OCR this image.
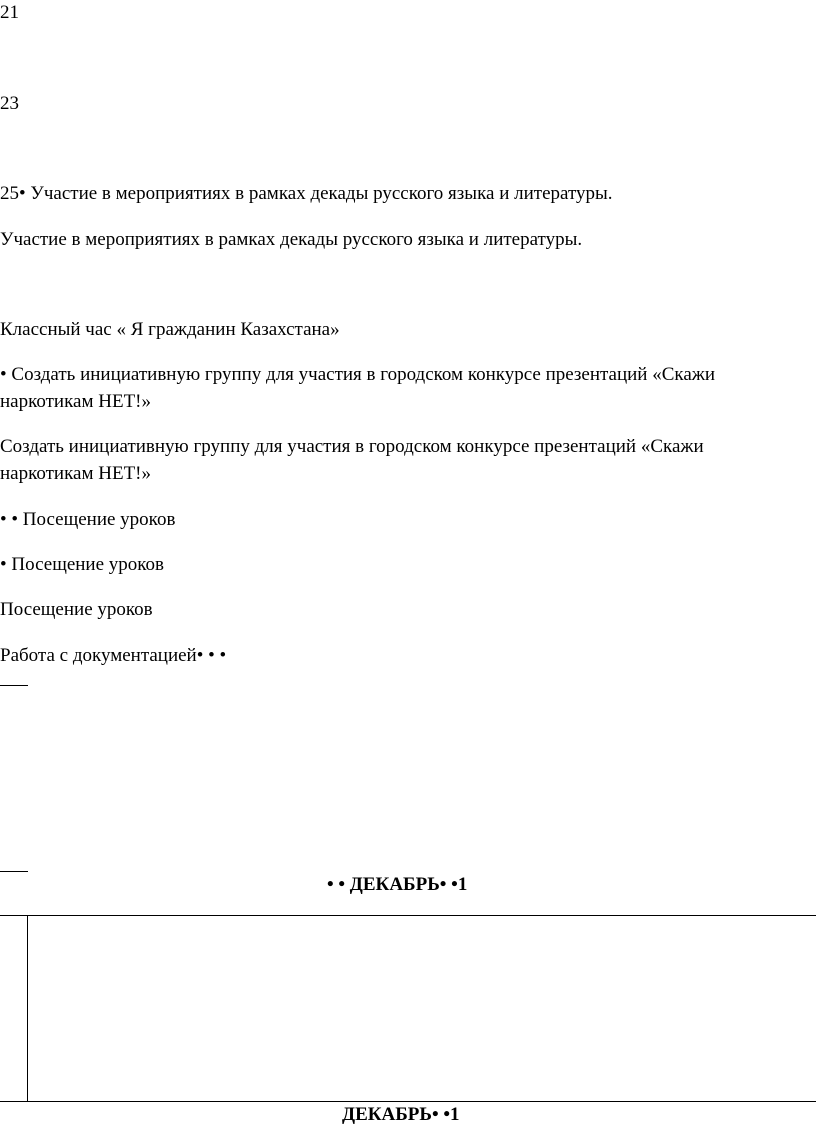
21
23
25• Участие в мероприятиях в рамках декады русского языка и литературы.
Участие в мероприятиях в рамках декады русского языка и литературы.
Классный час « Я гражданин Казахстана»
• Создать инициативную группу для участия в городском конкурсе презентаций «Скажи
наркотикам НЕТ!»
Создать инициативную группу для участия в городском конкурсе презентаций «Скажи
наркотикам НЕТ!»
• • Посещение уроков
• Посещение уроков
Посещение уроков
Работа с документацией• • •
• • ДЕКАБРЬ• •1
ДЕКАБРЬ• •1
